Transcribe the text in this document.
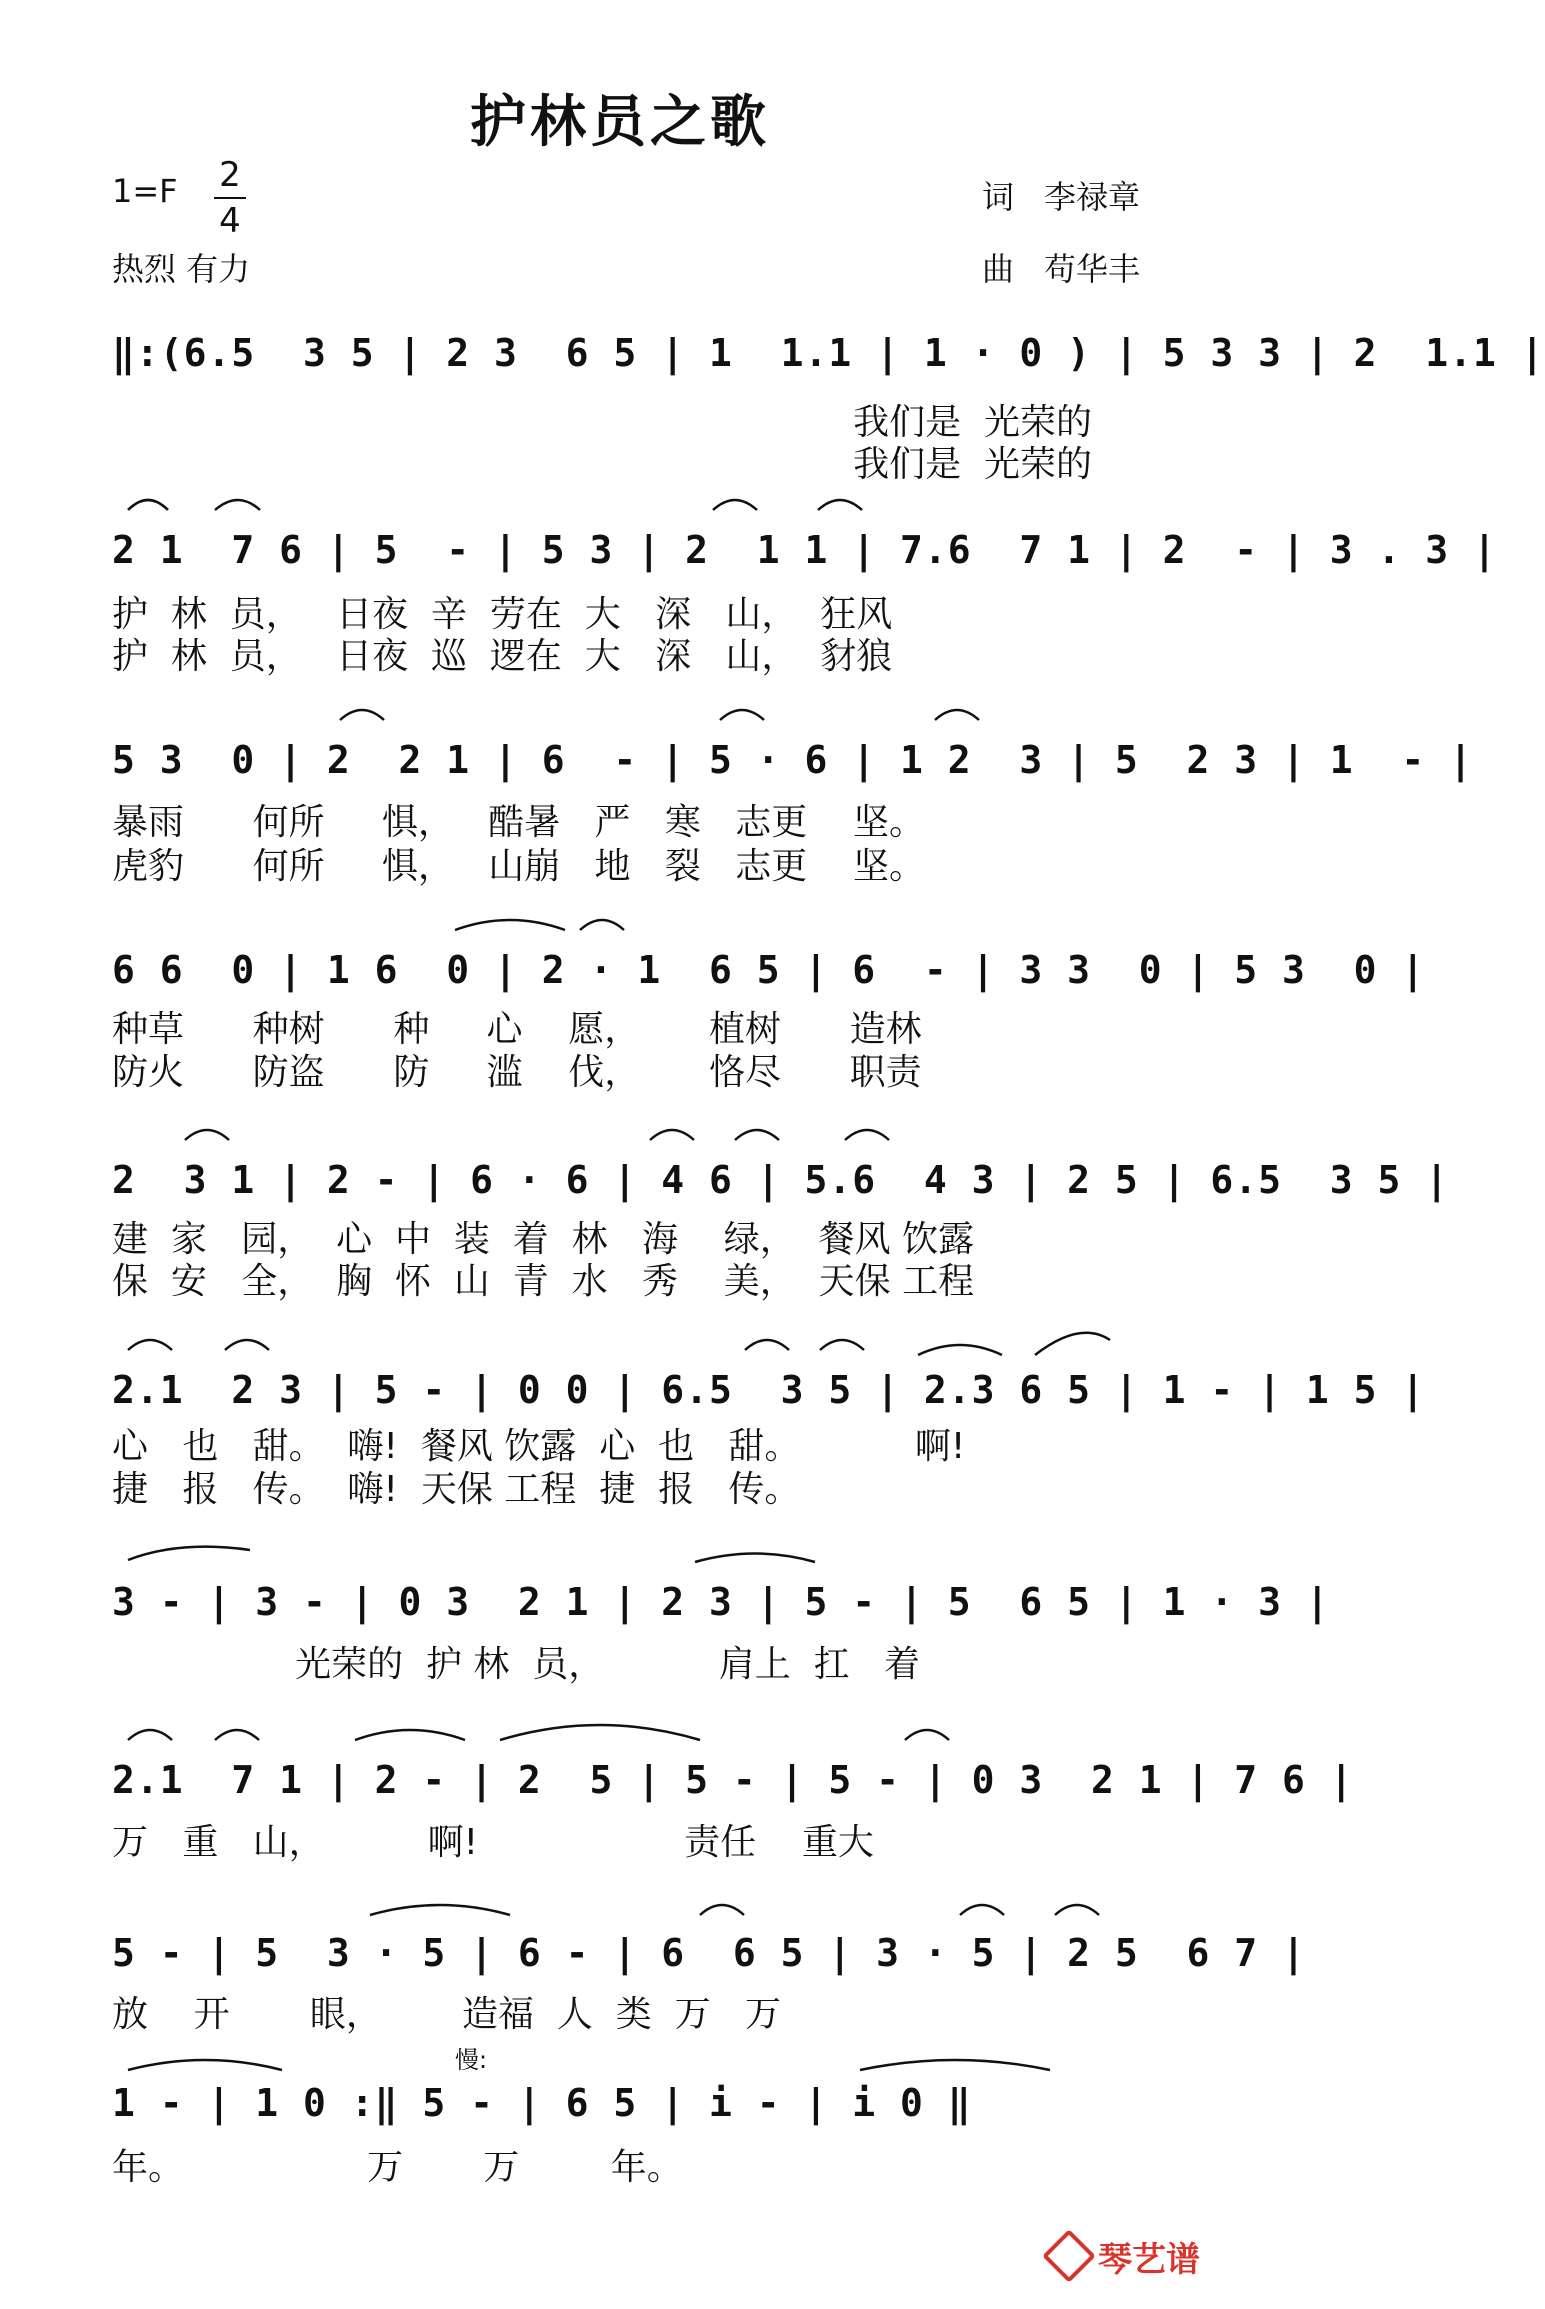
护林员之歌
1=F 2
4
热烈 有力
词 李禄章
曲 苟华丰
‖:(6.5  3 5 | 2 3  6 5 | 1  1.1 | 1 · 0 ) | 5 3 3 | 2  1.1 |
我们是  光荣的
我们是  光荣的
2 1  7 6 | 5  - | 5 3 | 2  1 1 | 7.6  7 1 | 2  - | 3 . 3 |
护  林  员，   日夜  辛  劳在  大   深   山，  狂风
护  林  员，   日夜  巡  逻在  大   深   山，  豺狼
5 3  0 | 2  2 1 | 6  - | 5 · 6 | 1 2  3 | 5  2 3 | 1  - |
暴雨      何所     惧，   酷暑   严   寒   志更    坚。
虎豹      何所     惧，   山崩   地   裂   志更    坚。
6 6  0 | 1 6  0 | 2 · 1  6 5 | 6  - | 3 3  0 | 5 3  0 |
种草      种树      种     心    愿，      植树      造林
防火      防盗      防     滥    伐，      恪尽      职责
2  3 1 | 2 - | 6 · 6 | 4 6 | 5.6  4 3 | 2 5 | 6.5  3 5 |
建  家   园，  心  中  装  着  林   海    绿，  餐风 饮露
保  安   全，  胸  怀  山  青  水   秀    美，  天保 工程
2.1  2 3 | 5 - | 0 0 | 6.5  3 5 | 2.3 6 5 | 1 - | 1 5 |
心   也   甜。  嗨!  餐风 饮露  心  也   甜。          啊!
捷   报   传。  嗨!  天保 工程  捷  报   传。
3 - | 3 - | 0 3  2 1 | 2 3 | 5 - | 5  6 5 | 1 · 3 |
光荣的  护 林  员，          肩上  扛   着
2.1  7 1 | 2 - | 2  5 | 5 - | 5 - | 0 3  2 1 | 7 6 |
万   重   山，         啊!                  责任    重大
5 - | 5  3 · 5 | 6 - | 6  6 5 | 3 · 5 | 2 5  6 7 |
放    开       眼，       造福  人  类  万   万
慢:
1 - | 1 0 :‖ 5 - | 6 5 | i - | i 0 ‖
年。                万       万        年。
琴艺谱
